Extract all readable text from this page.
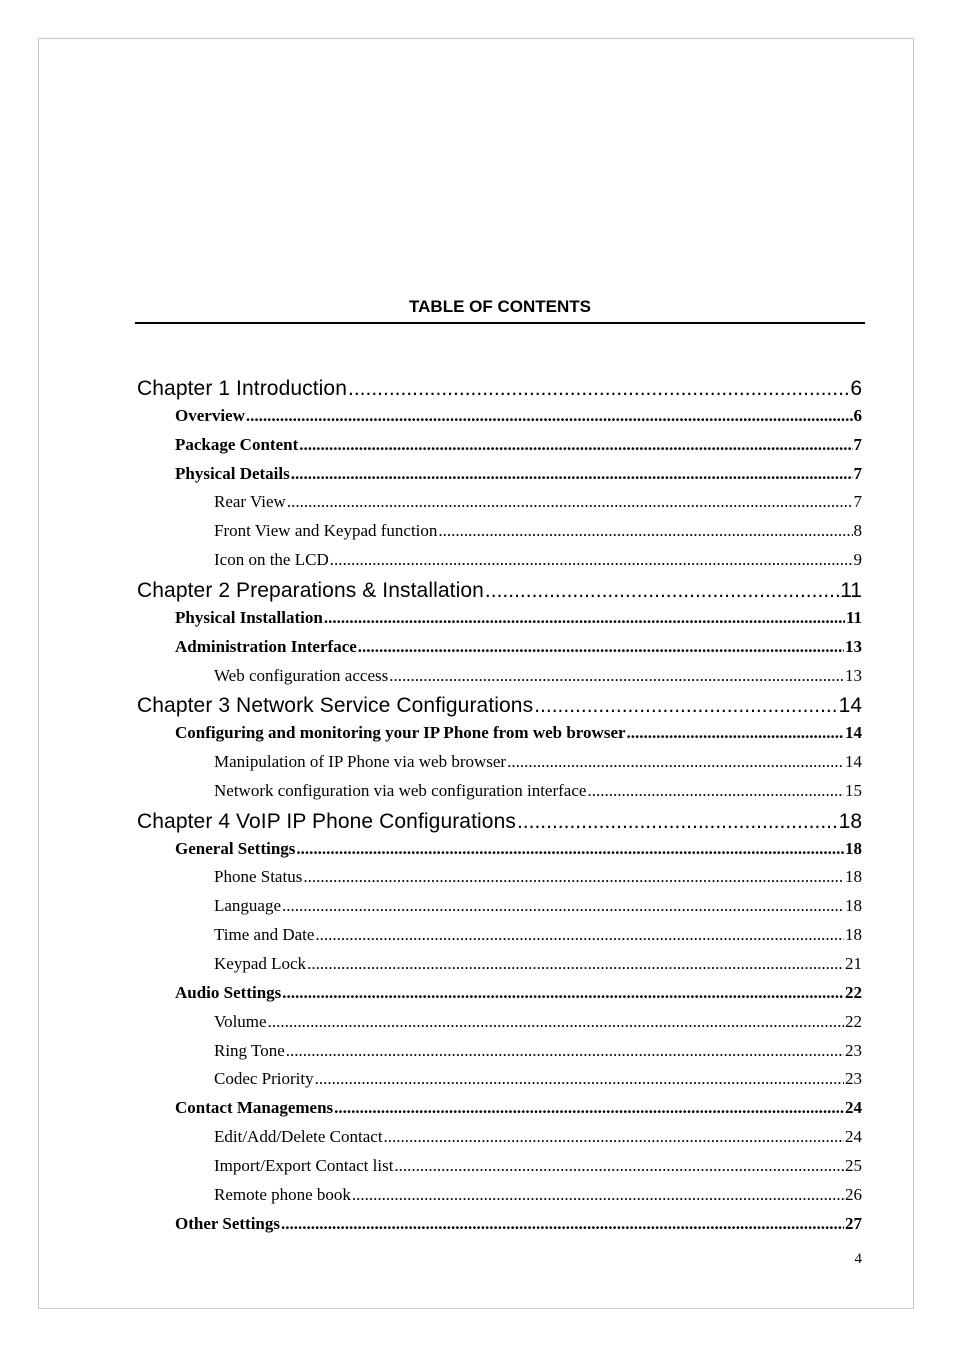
TABLE OF CONTENTS
Chapter 1 Introduction .....	6
Overview .....	6
Package Content .....	7
Physical Details .....	7
Rear View .....	7
Front View and Keypad function .....	8
Icon on the LCD .....	9
Chapter 2 Preparations & Installation .....	11
Physical Installation .....	11
Administration Interface .....	13
Web configuration access .....	13
Chapter 3 Network Service Configurations .....	14
Configuring and monitoring your IP Phone from web browser .....	14
Manipulation of IP Phone via web browser .....	14
Network configuration via web configuration interface .....	15
Chapter 4 VoIP IP Phone Configurations .....	18
General Settings .....	18
Phone Status .....	18
Language .....	18
Time and Date .....	18
Keypad Lock .....	21
Audio Settings .....	22
Volume .....	22
Ring Tone .....	23
Codec Priority .....	23
Contact Managemens .....	24
Edit/Add/Delete Contact .....	24
Import/Export Contact list .....	25
Remote phone book .....	26
Other Settings .....	27
4
